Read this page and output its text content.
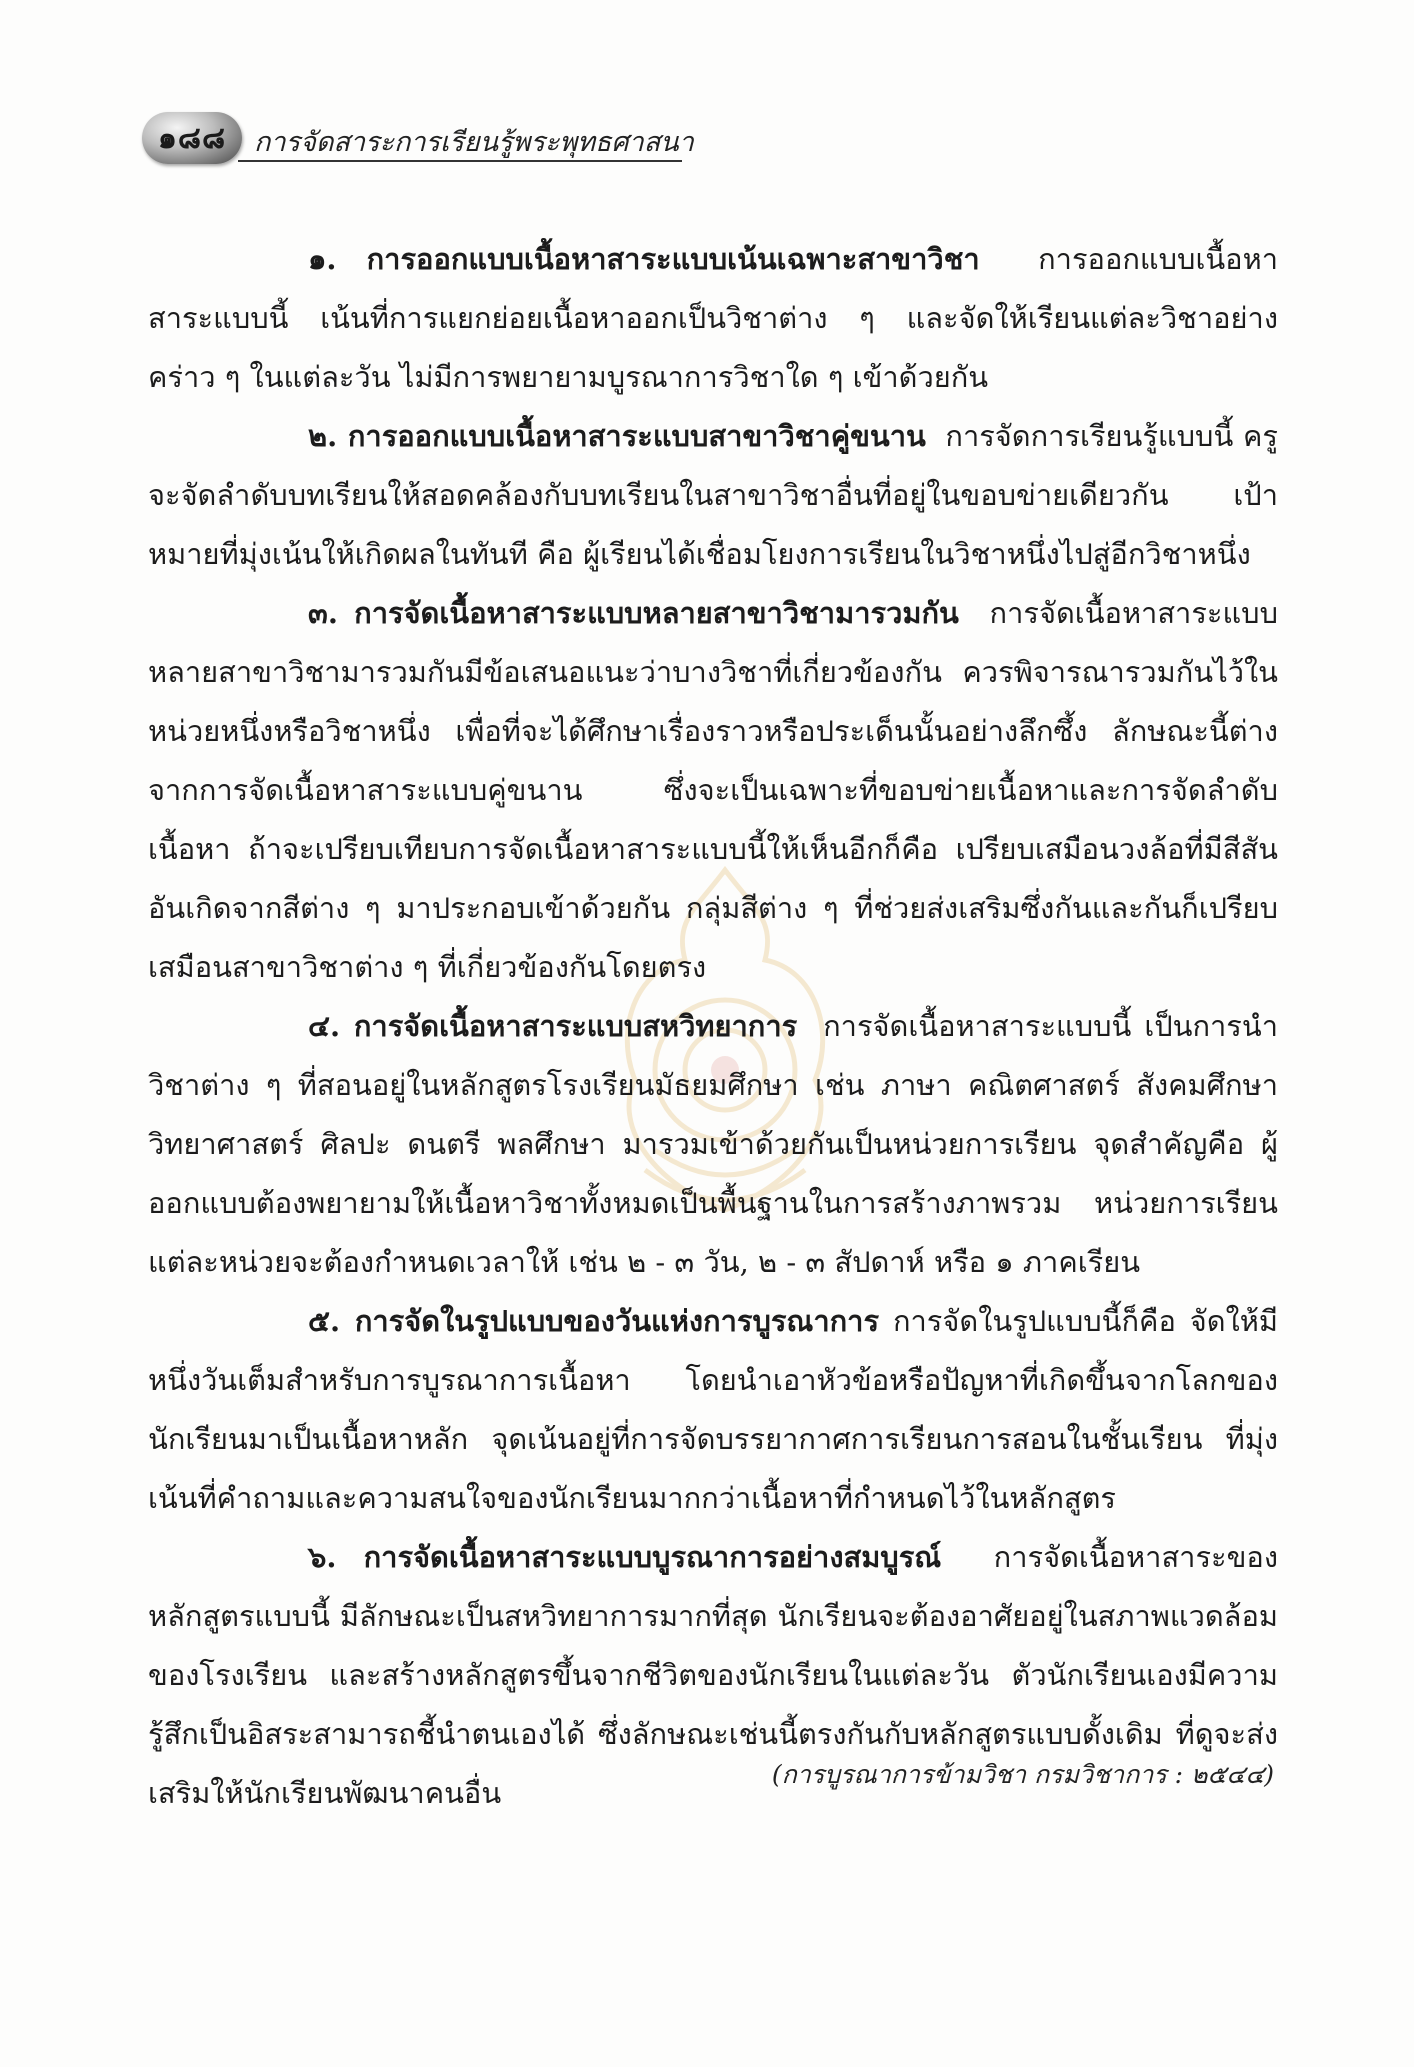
๑๘๘	การจัดสาระการเรียนรู้พระพุทธศาสนา

๑. การออกแบบเนื้อหาสาระแบบเน้นเฉพาะสาขาวิชา การออกแบบเนื้อหาสาระแบบนี้ เน้นที่การแยกย่อยเนื้อหาออกเป็นวิชาต่าง ๆ และจัดให้เรียนแต่ละวิชาอย่างคร่าว ๆ ในแต่ละวัน ไม่มีการพยายามบูรณาการวิชาใด ๆ เข้าด้วยกัน

๒. การออกแบบเนื้อหาสาระแบบสาขาวิชาคู่ขนาน การจัดการเรียนรู้แบบนี้ ครูจะจัดลำดับบทเรียนให้สอดคล้องกับบทเรียนในสาขาวิชาอื่นที่อยู่ในขอบข่ายเดียวกัน เป้าหมายที่มุ่งเน้นให้เกิดผลในทันที คือ ผู้เรียนได้เชื่อมโยงการเรียนในวิชาหนึ่งไปสู่อีกวิชาหนึ่ง

๓. การจัดเนื้อหาสาระแบบหลายสาขาวิชามารวมกัน การจัดเนื้อหาสาระแบบหลายสาขาวิชามารวมกันมีข้อเสนอแนะว่าบางวิชาที่เกี่ยวข้องกัน ควรพิจารณารวมกันไว้ในหน่วยหนึ่งหรือวิชาหนึ่ง เพื่อที่จะได้ศึกษาเรื่องราวหรือประเด็นนั้นอย่างลึกซึ้ง ลักษณะนี้ต่างจากการจัดเนื้อหาสาระแบบคู่ขนาน ซึ่งจะเป็นเฉพาะที่ขอบข่ายเนื้อหาและการจัดลำดับเนื้อหา ถ้าจะเปรียบเทียบการจัดเนื้อหาสาระแบบนี้ให้เห็นอีกก็คือ เปรียบเสมือนวงล้อที่มีสีสันอันเกิดจากสีต่าง ๆ มาประกอบเข้าด้วยกัน กลุ่มสีต่าง ๆ ที่ช่วยส่งเสริมซึ่งกันและกันก็เปรียบเสมือนสาขาวิชาต่าง ๆ ที่เกี่ยวข้องกันโดยตรง

๔. การจัดเนื้อหาสาระแบบสหวิทยาการ การจัดเนื้อหาสาระแบบนี้ เป็นการนำวิชาต่าง ๆ ที่สอนอยู่ในหลักสูตรโรงเรียนมัธยมศึกษา เช่น ภาษา คณิตศาสตร์ สังคมศึกษา วิทยาศาสตร์ ศิลปะ ดนตรี พลศึกษา มารวมเข้าด้วยกันเป็นหน่วยการเรียน จุดสำคัญคือ ผู้ออกแบบต้องพยายามให้เนื้อหาวิชาทั้งหมดเป็นพื้นฐานในการสร้างภาพรวม หน่วยการเรียนแต่ละหน่วยจะต้องกำหนดเวลาให้ เช่น ๒ - ๓ วัน, ๒ - ๓ สัปดาห์ หรือ ๑ ภาคเรียน

๕. การจัดในรูปแบบของวันแห่งการบูรณาการ การจัดในรูปแบบนี้ก็คือ จัดให้มีหนึ่งวันเต็มสำหรับการบูรณาการเนื้อหา โดยนำเอาหัวข้อหรือปัญหาที่เกิดขึ้นจากโลกของนักเรียนมาเป็นเนื้อหาหลัก จุดเน้นอยู่ที่การจัดบรรยากาศการเรียนการสอนในชั้นเรียน ที่มุ่งเน้นที่คำถามและความสนใจของนักเรียนมากกว่าเนื้อหาที่กำหนดไว้ในหลักสูตร

๖. การจัดเนื้อหาสาระแบบบูรณาการอย่างสมบูรณ์ การจัดเนื้อหาสาระของหลักสูตรแบบนี้ มีลักษณะเป็นสหวิทยาการมากที่สุด นักเรียนจะต้องอาศัยอยู่ในสภาพแวดล้อมของโรงเรียน และสร้างหลักสูตรขึ้นจากชีวิตของนักเรียนในแต่ละวัน ตัวนักเรียนเองมีความรู้สึกเป็นอิสระสามารถชี้นำตนเองได้ ซึ่งลักษณะเช่นนี้ตรงกันกับหลักสูตรแบบดั้งเดิม ที่ดูจะส่งเสริมให้นักเรียนพัฒนาคนอื่น

(การบูรณาการข้ามวิชา กรมวิชาการ : ๒๕๔๔)
